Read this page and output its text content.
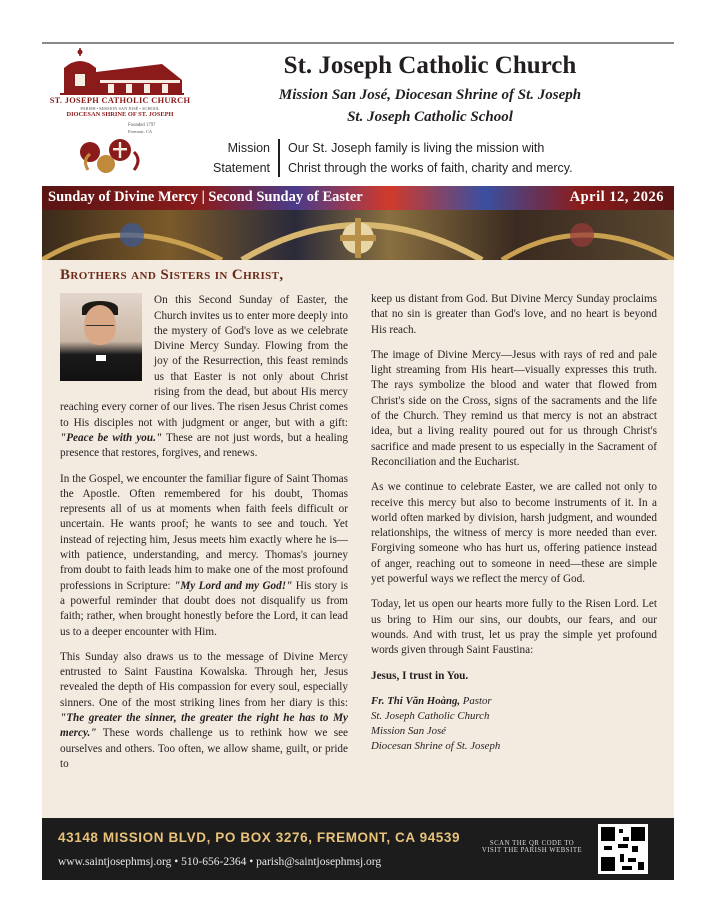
ST. JOSEPH CATHOLIC CHURCH
PARISH • MISSION SAN JOSÉ • SCHOOL
DIOCESAN SHRINE OF ST. JOSEPH
Founded 1797
Fremont, CA
St. Joseph Catholic Church
Mission San José, Diocesan Shrine of St. Joseph
St. Joseph Catholic School
Mission
Statement
Our St. Joseph family is living the mission with
Christ through the works of faith, charity and mercy.
Sunday of Divine Mercy | Second Sunday of Easter	April 12, 2026
Brothers and Sisters in Christ,

On this Second Sunday of Easter, the Church invites us to enter more deeply into the mystery of God's love as we celebrate Divine Mercy Sunday. Flowing from the joy of the Resurrection, this feast reminds us that Easter is not only about Christ rising from the dead, but about His mercy reaching every corner of our lives. The risen Jesus Christ comes to His disciples not with judgment or anger, but with a gift: "Peace be with you." These are not just words, but a healing presence that restores, forgives, and renews.

In the Gospel, we encounter the familiar figure of Saint Thomas the Apostle. Often remembered for his doubt, Thomas represents all of us at moments when faith feels difficult or uncertain. He wants proof; he wants to see and touch. Yet instead of rejecting him, Jesus meets him exactly where he is—with patience, understanding, and mercy. Thomas's journey from doubt to faith leads him to make one of the most profound professions in Scripture: "My Lord and my God!" His story is a powerful reminder that doubt does not disqualify us from faith; rather, when brought honestly before the Lord, it can lead us to a deeper encounter with Him.

This Sunday also draws us to the message of Divine Mercy entrusted to Saint Faustina Kowalska. Through her, Jesus revealed the depth of His compassion for every soul, especially sinners. One of the most striking lines from her diary is this: "The greater the sinner, the greater the right he has to My mercy." These words challenge us to rethink how we see ourselves and others. Too often, we allow shame, guilt, or pride to

keep us distant from God. But Divine Mercy Sunday proclaims that no sin is greater than God's love, and no heart is beyond His reach.

The image of Divine Mercy—Jesus with rays of red and pale light streaming from His heart—visually expresses this truth. The rays symbolize the blood and water that flowed from Christ's side on the Cross, signs of the sacraments and the life of the Church. They remind us that mercy is not an abstract idea, but a living reality poured out for us through Christ's sacrifice and made present to us especially in the Sacrament of Reconciliation and the Eucharist.

As we continue to celebrate Easter, we are called not only to receive this mercy but also to become instruments of it. In a world often marked by division, harsh judgment, and wounded relationships, the witness of mercy is more needed than ever. Forgiving someone who has hurt us, offering patience instead of anger, reaching out to someone in need—these are simple yet powerful ways we reflect the mercy of God.

Today, let us open our hearts more fully to the Risen Lord. Let us bring to Him our sins, our doubts, our fears, and our wounds. And with trust, let us pray the simple yet profound words given through Saint Faustina:

Jesus, I trust in You.

Fr. Thi Văn Hoàng, Pastor
St. Joseph Catholic Church
Mission San José
Diocesan Shrine of St. Joseph
43148 MISSION BLVD, PO BOX 3276, FREMONT, CA 94539
www.saintjosephmsj.org • 510-656-2364 • parish@saintjosephmsj.org
SCAN THE QR CODE TO
VISIT THE PARISH WEBSITE
